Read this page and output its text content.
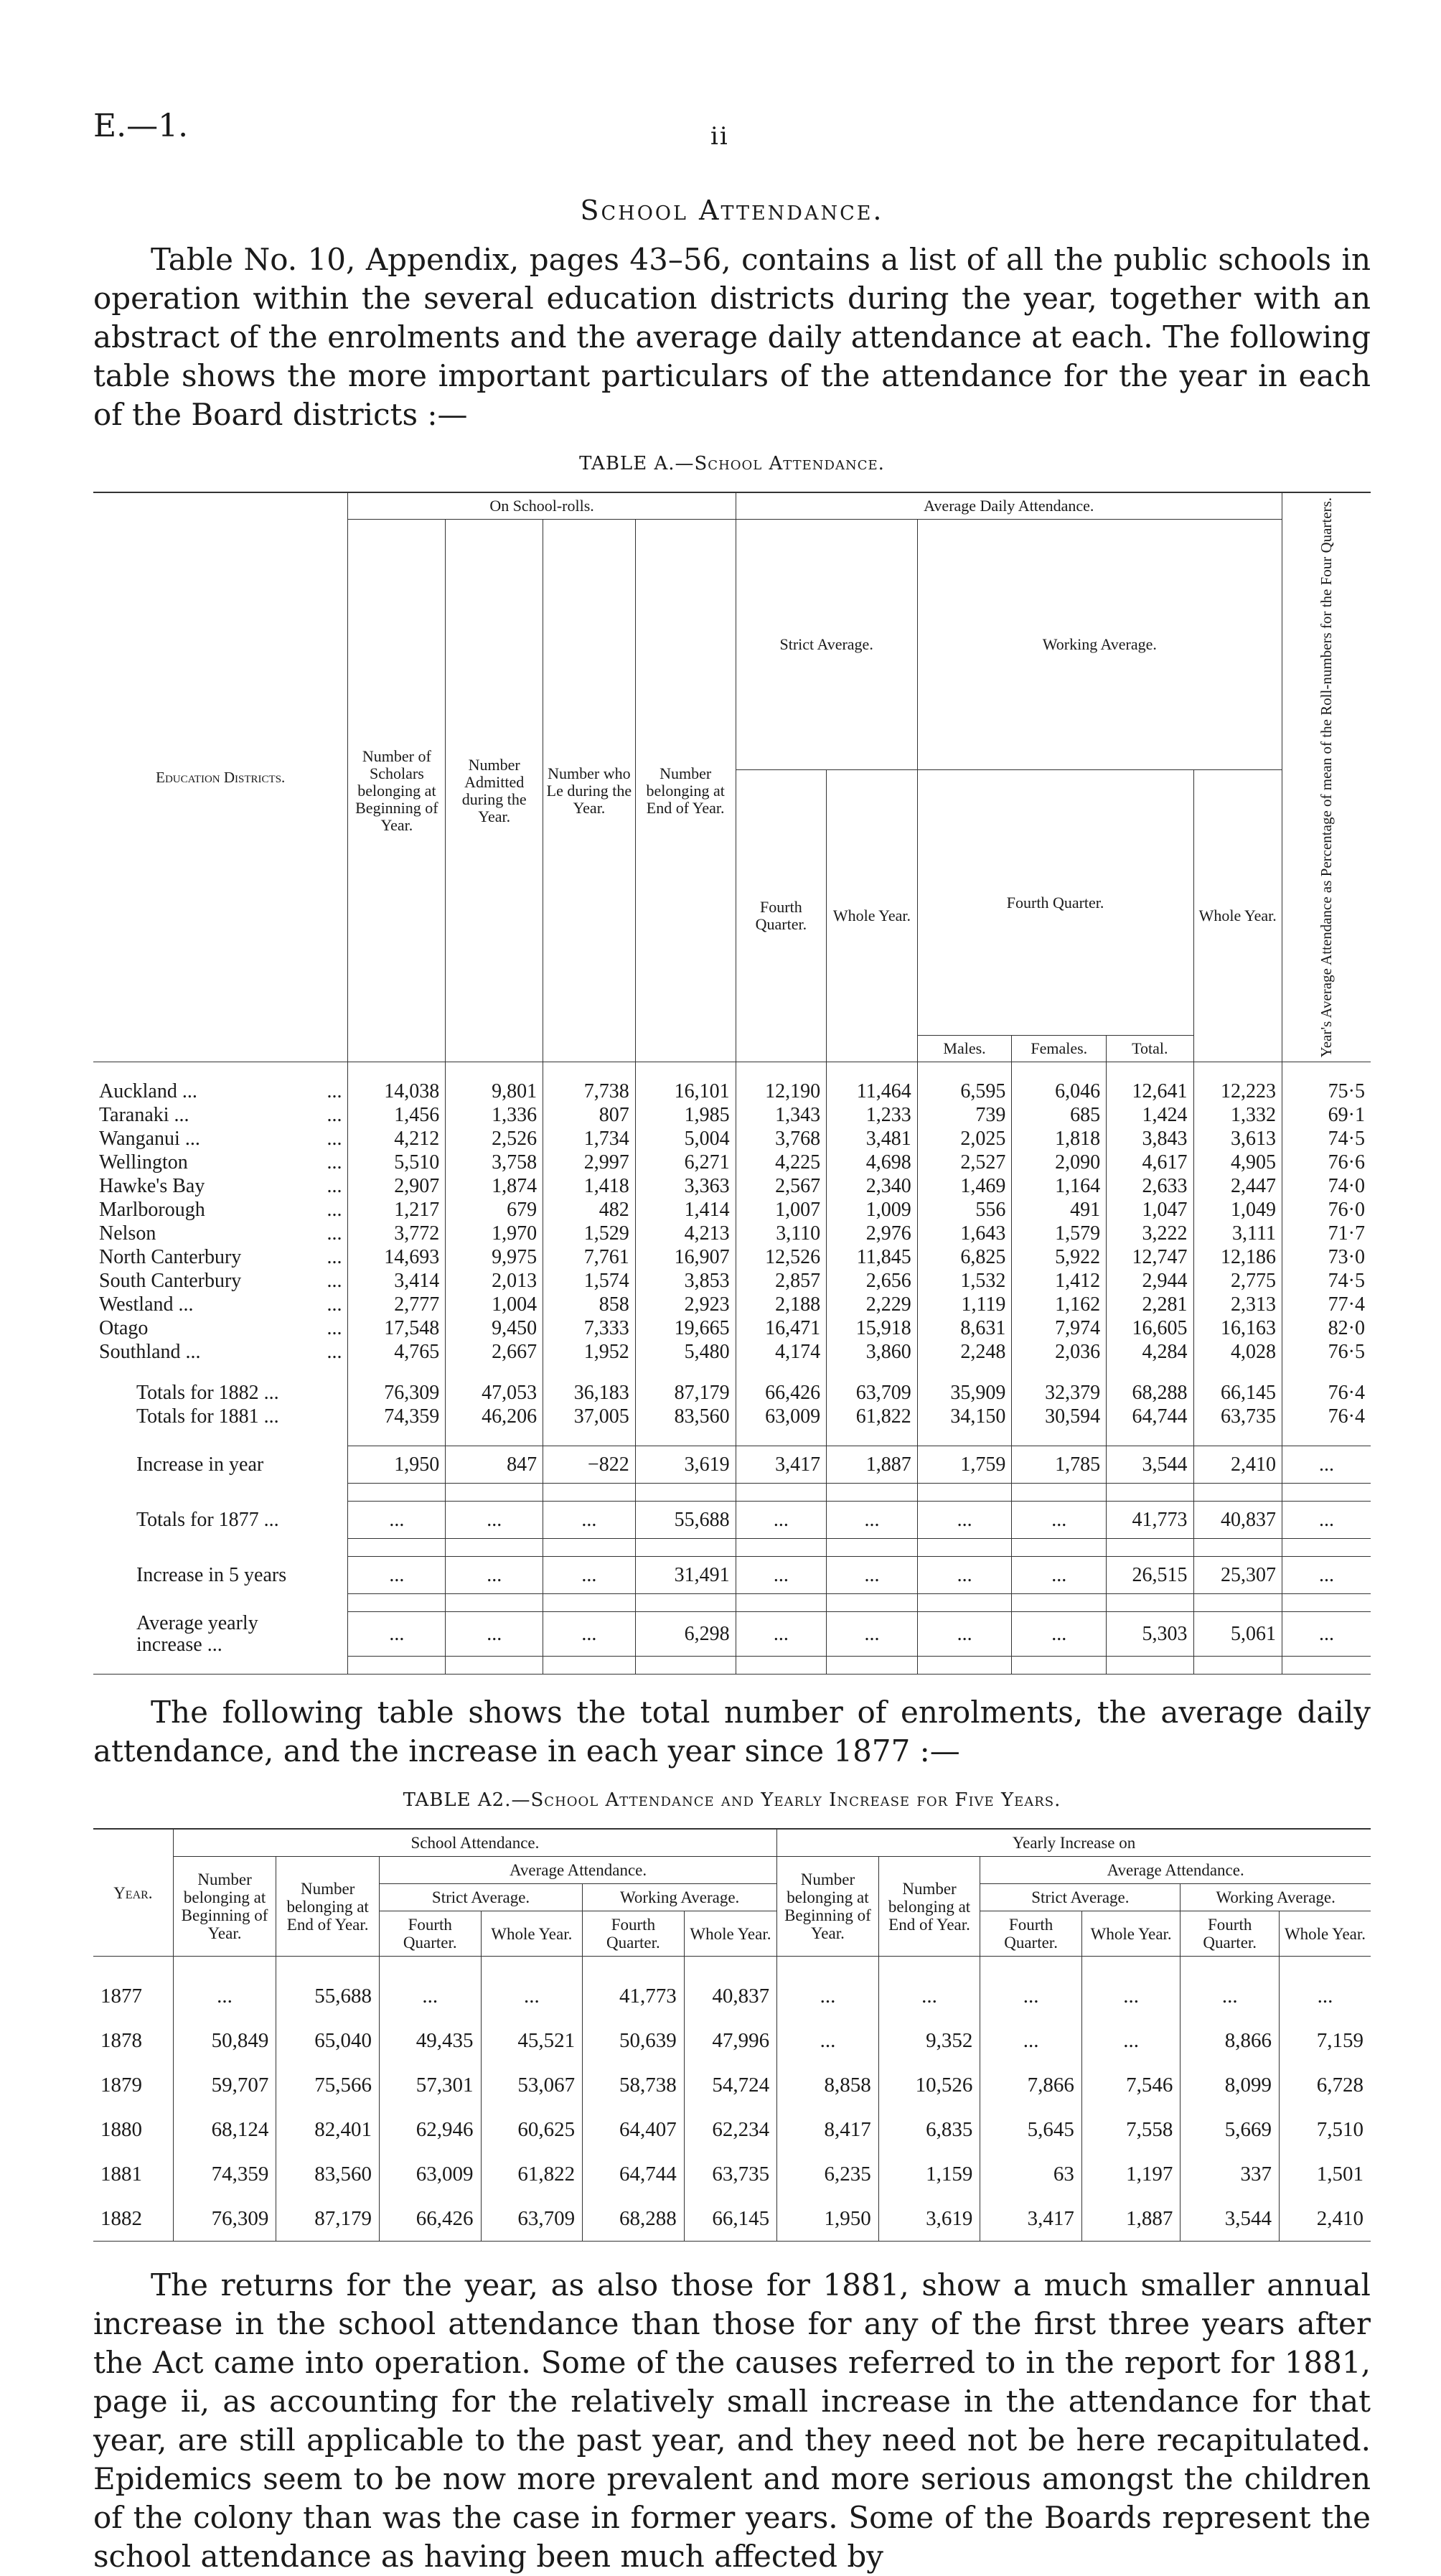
E.—1.	ii
School Attendance.

Table No. 10, Appendix, pages 43–56, contains a list of all the public schools in operation within the several education districts during the year, together with an abstract of the enrolments and the average daily attendance at each. The following table shows the more important particulars of the attendance for the year in each of the Board districts :—

TABLE A.—School Attendance.
Education Districts.	On School-rolls.				Average Daily Attendance.						Year's Average Attendance as Percentage of mean of the Roll-numbers for the Four Quarters.

	Number of Scholars belonging at Beginning of Year.	Number Admitted during the Year.	Number who Le during the Year.	Number belonging at End of Year.	Strict Average.		Working Average.				
					Fourth Quarter.	Whole Year.	Fourth Quarter.			Whole Year.	
							Males.	Females.	Total.		

Auckland ... ...	14,038	9,801	7,738	16,101	12,190	11,464	6,595	6,046	12,641	12,223	75·5
Taranaki ... ...	1,456	1,336	807	1,985	1,343	1,233	739	685	1,424	1,332	69·1
Wanganui ... ...	4,212	2,526	1,734	5,004	3,768	3,481	2,025	1,818	3,843	3,613	74·5
Wellington ...	5,510	3,758	2,997	6,271	4,225	4,698	2,527	2,090	4,617	4,905	76·6
Hawke's Bay ...	2,907	1,874	1,418	3,363	2,567	2,340	1,469	1,164	2,633	2,447	74·0
Marlborough ...	1,217	679	482	1,414	1,007	1,009	556	491	1,047	1,049	76·0
Nelson ...	3,772	1,970	1,529	4,213	3,110	2,976	1,643	1,579	3,222	3,111	71·7
North Canterbury ...	14,693	9,975	7,761	16,907	12,526	11,845	6,825	5,922	12,747	12,186	73·0
South Canterbury ...	3,414	2,013	1,574	3,853	2,857	2,656	1,532	1,412	2,944	2,775	74·5
Westland ... ...	2,777	1,004	858	2,923	2,188	2,229	1,119	1,162	2,281	2,313	77·4
Otago ...	17,548	9,450	7,333	19,665	16,471	15,918	8,631	7,974	16,605	16,163	82·0
Southland ... ...	4,765	2,667	1,952	5,480	4,174	3,860	2,248	2,036	4,284	4,028	76·5

Totals for 1882 ...	76,309	47,053	36,183	87,179	66,426	63,709	35,909	32,379	68,288	66,145	76·4
Totals for 1881 ...	74,359	46,206	37,005	83,560	63,009	61,822	34,150	30,594	64,744	63,735	76·4

Increase in year	1,950	847	−822	3,619	3,417	1,887	1,759	1,785	3,544	2,410	...

Totals for 1877 ...	...	...	...	55,688	...	...	...	...	41,773	40,837	...

Increase in 5 years	...	...	...	31,491	...	...	...	...	26,515	25,307	...

Average yearly increase ...	...	...	...	6,298	...	...	...	...	5,303	5,061	...

The following table shows the total number of enrolments, the average daily attendance, and the increase in each year since 1877 :—

TABLE A2.—School Attendance and Yearly Increase for Five Years.
Year.	School Attendance.						Yearly Increase on					
	Number belonging at Beginning of Year.	Number belonging at End of Year.	Average Attendance.				Number belonging at Beginning of Year.	Number belonging at End of Year.	Average Attendance.			
			Strict Average.		Working Average.				Strict Average.		Working Average.	
			Fourth Quarter.	Whole Year.	Fourth Quarter.	Whole Year.			Fourth Quarter.	Whole Year.	Fourth Quarter.	Whole Year.

1877	...	55,688	...	...	41,773	40,837	...	...	...	...	...	...
1878	50,849	65,040	49,435	45,521	50,639	47,996	...	9,352	...	...	8,866	7,159
1879	59,707	75,566	57,301	53,067	58,738	54,724	8,858	10,526	7,866	7,546	8,099	6,728
1880	68,124	82,401	62,946	60,625	64,407	62,234	8,417	6,835	5,645	7,558	5,669	7,510
1881	74,359	83,560	63,009	61,822	64,744	63,735	6,235	1,159	63	1,197	337	1,501
1882	76,309	87,179	66,426	63,709	68,288	66,145	1,950	3,619	3,417	1,887	3,544	2,410

The returns for the year, as also those for 1881, show a much smaller annual increase in the school attendance than those for any of the first three years after the Act came into operation. Some of the causes referred to in the report for 1881, page ii, as accounting for the relatively small increase in the attendance for that year, are still applicable to the past year, and they need not be here recapitulated. Epidemics seem to be now more prevalent and more serious amongst the children of the colony than was the case in former years. Some of the Boards represent the school attendance as having been much affected by
